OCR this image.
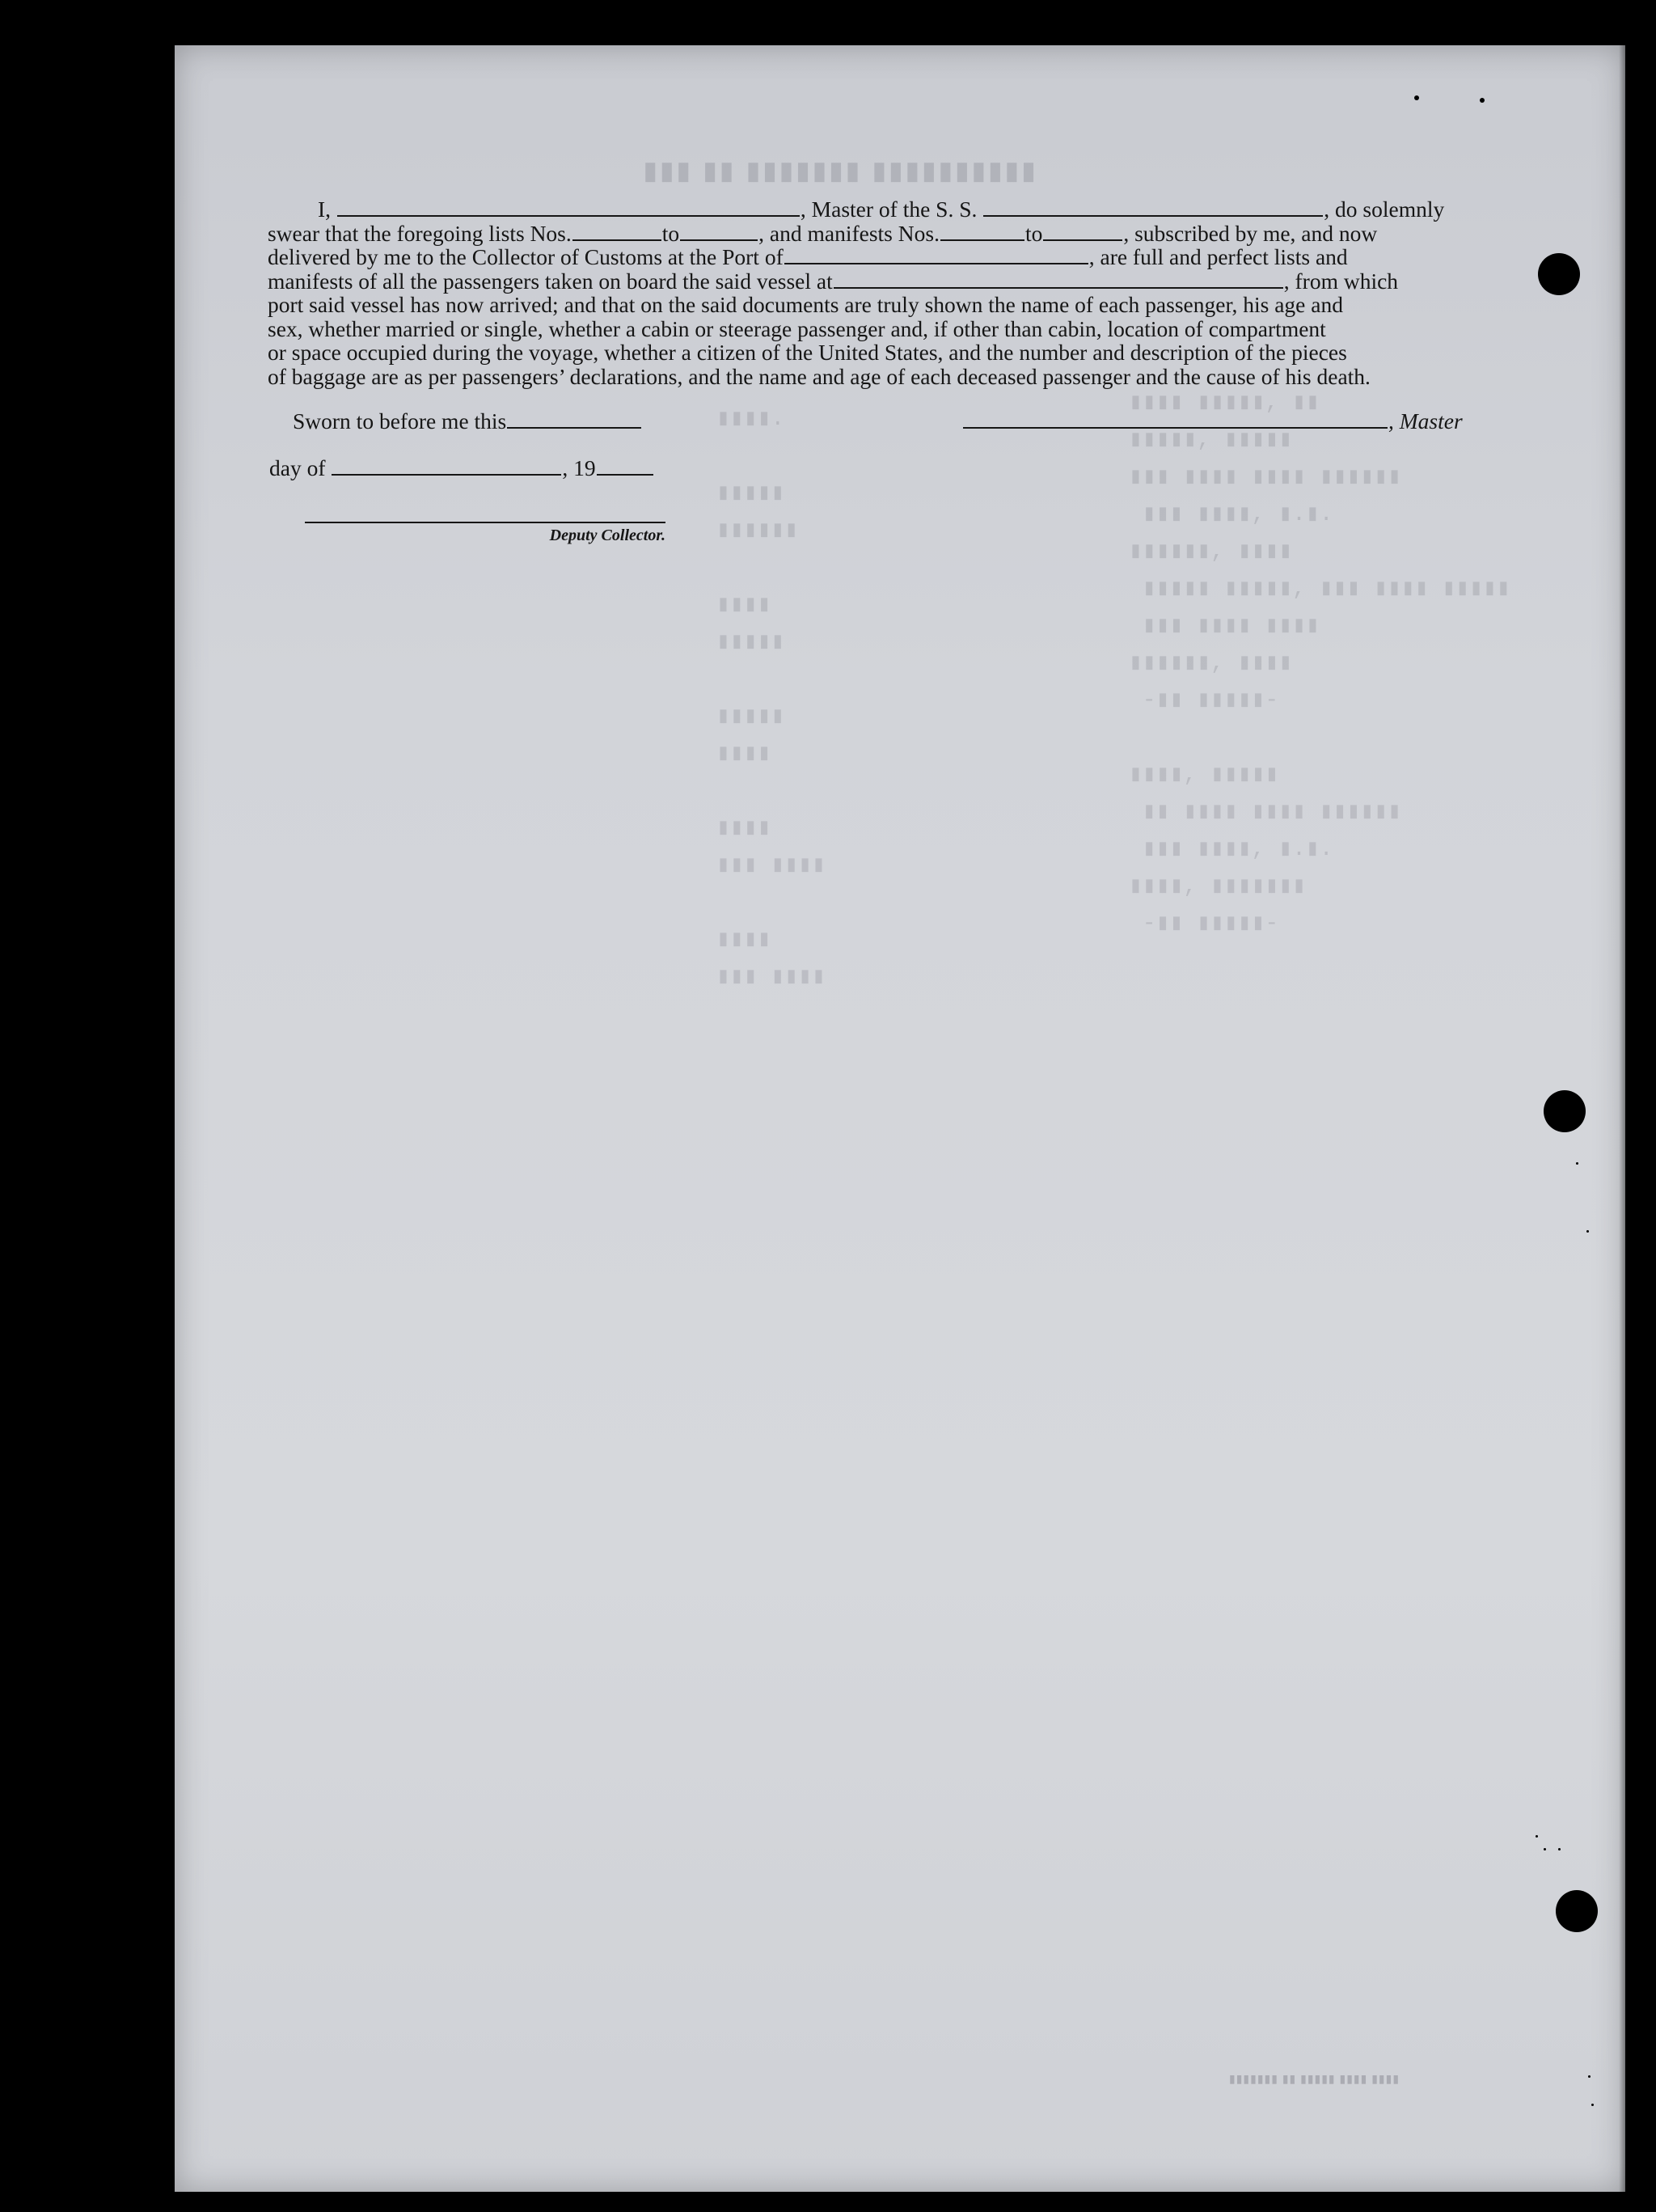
▮▮▮ ▮▮ ▮▮▮▮▮▮▮ ▮▮▮▮▮▮▮▮▮▮
▮▮▮▮ ▮▮▮▮▮, ▮▮
▮▮▮▮▮, ▮▮▮▮▮
▮▮▮ ▮▮▮▮ ▮▮▮▮ ▮▮▮▮▮▮
▮▮▮ ▮▮▮▮, ▮.▮.
▮▮▮▮▮▮, ▮▮▮▮
▮▮▮▮▮ ▮▮▮▮▮, ▮▮▮ ▮▮▮▮ ▮▮▮▮▮
▮▮▮ ▮▮▮▮ ▮▮▮▮
▮▮▮▮▮▮, ▮▮▮▮
-▮▮ ▮▮▮▮▮-

▮▮▮▮, ▮▮▮▮▮
▮▮ ▮▮▮▮ ▮▮▮▮ ▮▮▮▮▮▮
▮▮▮ ▮▮▮▮, ▮.▮.
▮▮▮▮, ▮▮▮▮▮▮▮
-▮▮ ▮▮▮▮▮-
▮▮▮▮.

▮▮▮▮▮
▮▮▮▮▮▮

▮▮▮▮
▮▮▮▮▮

▮▮▮▮▮
▮▮▮▮

▮▮▮▮
▮▮▮ ▮▮▮▮

▮▮▮▮
▮▮▮ ▮▮▮▮

I,	, Master of the S. S.	, do solemnly

swear that the foregoing lists Nos.	to	, and manifests Nos.	to	, subscribed by me, and now

delivered by me to the Collector of Customs at the Port of	, are full and perfect lists and

manifests of all the passengers taken on board the said vessel at	, from which

port said vessel has now arrived; and that on the said documents are truly shown the name of each passenger, his age and

sex, whether married or single, whether a cabin or steerage passenger and, if other than cabin, location of compartment

or space occupied during the voyage, whether a citizen of the United States, and the number and description of the pieces

of baggage are as per passengers’ declarations, and the name and age of each deceased passenger and the cause of his death.

Sworn to before me this
day of	, 19
, Master
Deputy Collector.
▮▮▮▮▮▮▮ ▮▮ ▮▮▮▮▮ ▮▮▮▮ ▮▮▮▮
